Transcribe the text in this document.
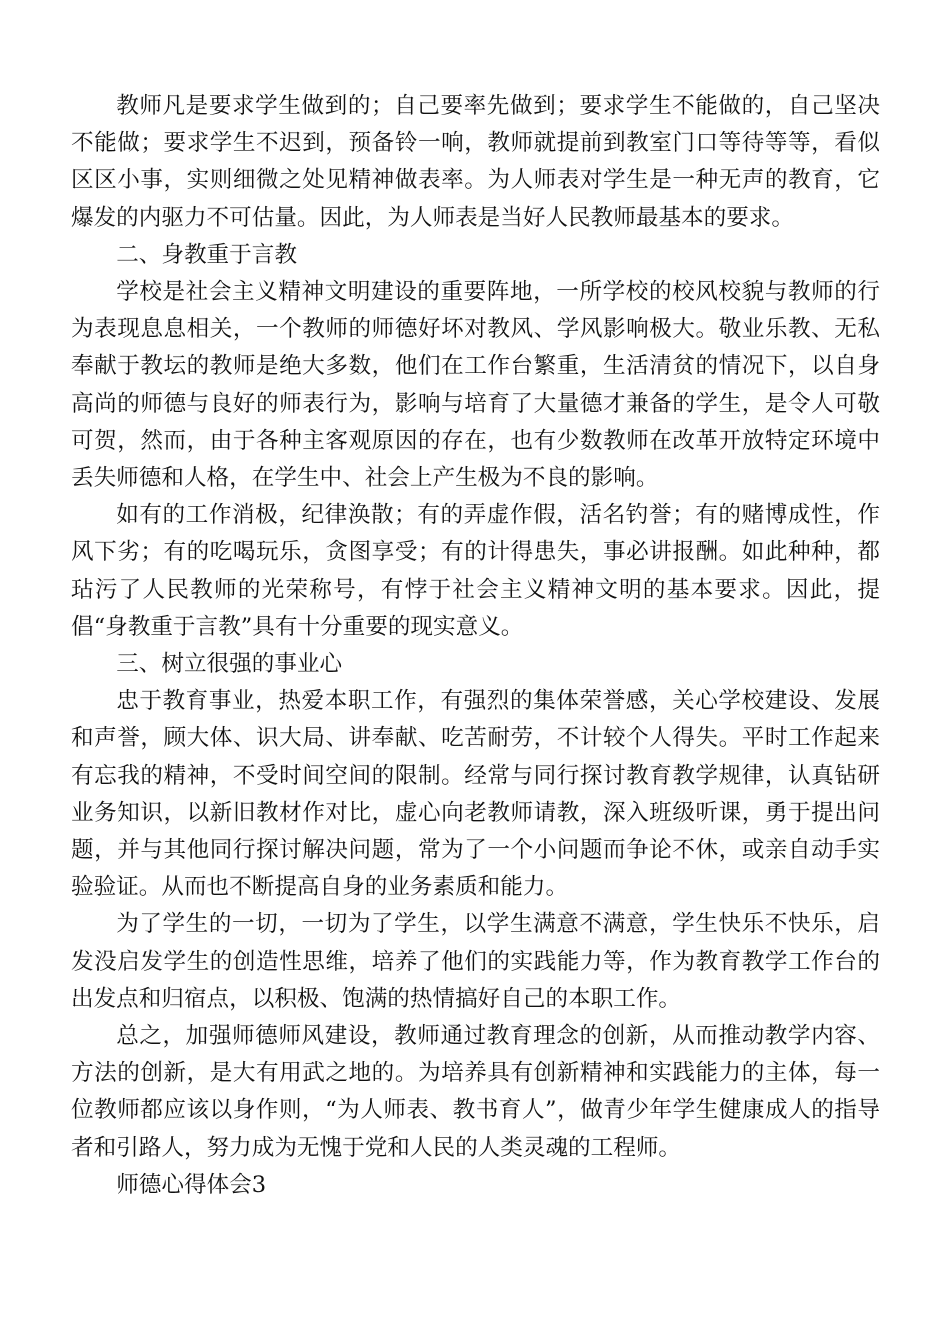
教师凡是要求学生做到的；自己要率先做到；要求学生不能做的，自己坚决不能做；要求学生不迟到，预备铃一响，教师就提前到教室门口等待等等，看似区区小事，实则细微之处见精神做表率。为人师表对学生是一种无声的教育，它爆发的内驱力不可估量。因此，为人师表是当好人民教师最基本的要求。

二、身教重于言教

学校是社会主义精神文明建设的重要阵地，一所学校的校风校貌与教师的行为表现息息相关，一个教师的师德好坏对教风、学风影响极大。敬业乐教、无私奉献于教坛的教师是绝大多数，他们在工作台繁重，生活清贫的情况下，以自身高尚的师德与良好的师表行为，影响与培育了大量德才兼备的学生，是令人可敬可贺，然而，由于各种主客观原因的存在，也有少数教师在改革开放特定环境中丢失师德和人格，在学生中、社会上产生极为不良的影响。

如有的工作消极，纪律涣散；有的弄虚作假，活名钓誉；有的赌博成性，作风下劣；有的吃喝玩乐，贪图享受；有的计得患失，事必讲报酬。如此种种，都玷污了人民教师的光荣称号，有悖于社会主义精神文明的基本要求。因此，提倡“身教重于言教”具有十分重要的现实意义。

三、树立很强的事业心

忠于教育事业，热爱本职工作，有强烈的集体荣誉感，关心学校建设、发展和声誉，顾大体、识大局、讲奉献、吃苦耐劳，不计较个人得失。平时工作起来有忘我的精神，不受时间空间的限制。经常与同行探讨教育教学规律，认真钻研业务知识，以新旧教材作对比，虚心向老教师请教，深入班级听课，勇于提出问题，并与其他同行探讨解决问题，常为了一个小问题而争论不休，或亲自动手实验验证。从而也不断提高自身的业务素质和能力。

为了学生的一切，一切为了学生，以学生满意不满意，学生快乐不快乐，启发没启发学生的创造性思维，培养了他们的实践能力等，作为教育教学工作台的出发点和归宿点，以积极、饱满的热情搞好自己的本职工作。

总之，加强师德师风建设，教师通过教育理念的创新，从而推动教学内容、方法的创新，是大有用武之地的。为培养具有创新精神和实践能力的主体，每一位教师都应该以身作则，“为人师表、教书育人”，做青少年学生健康成人的指导者和引路人，努力成为无愧于党和人民的人类灵魂的工程师。

师德心得体会3
